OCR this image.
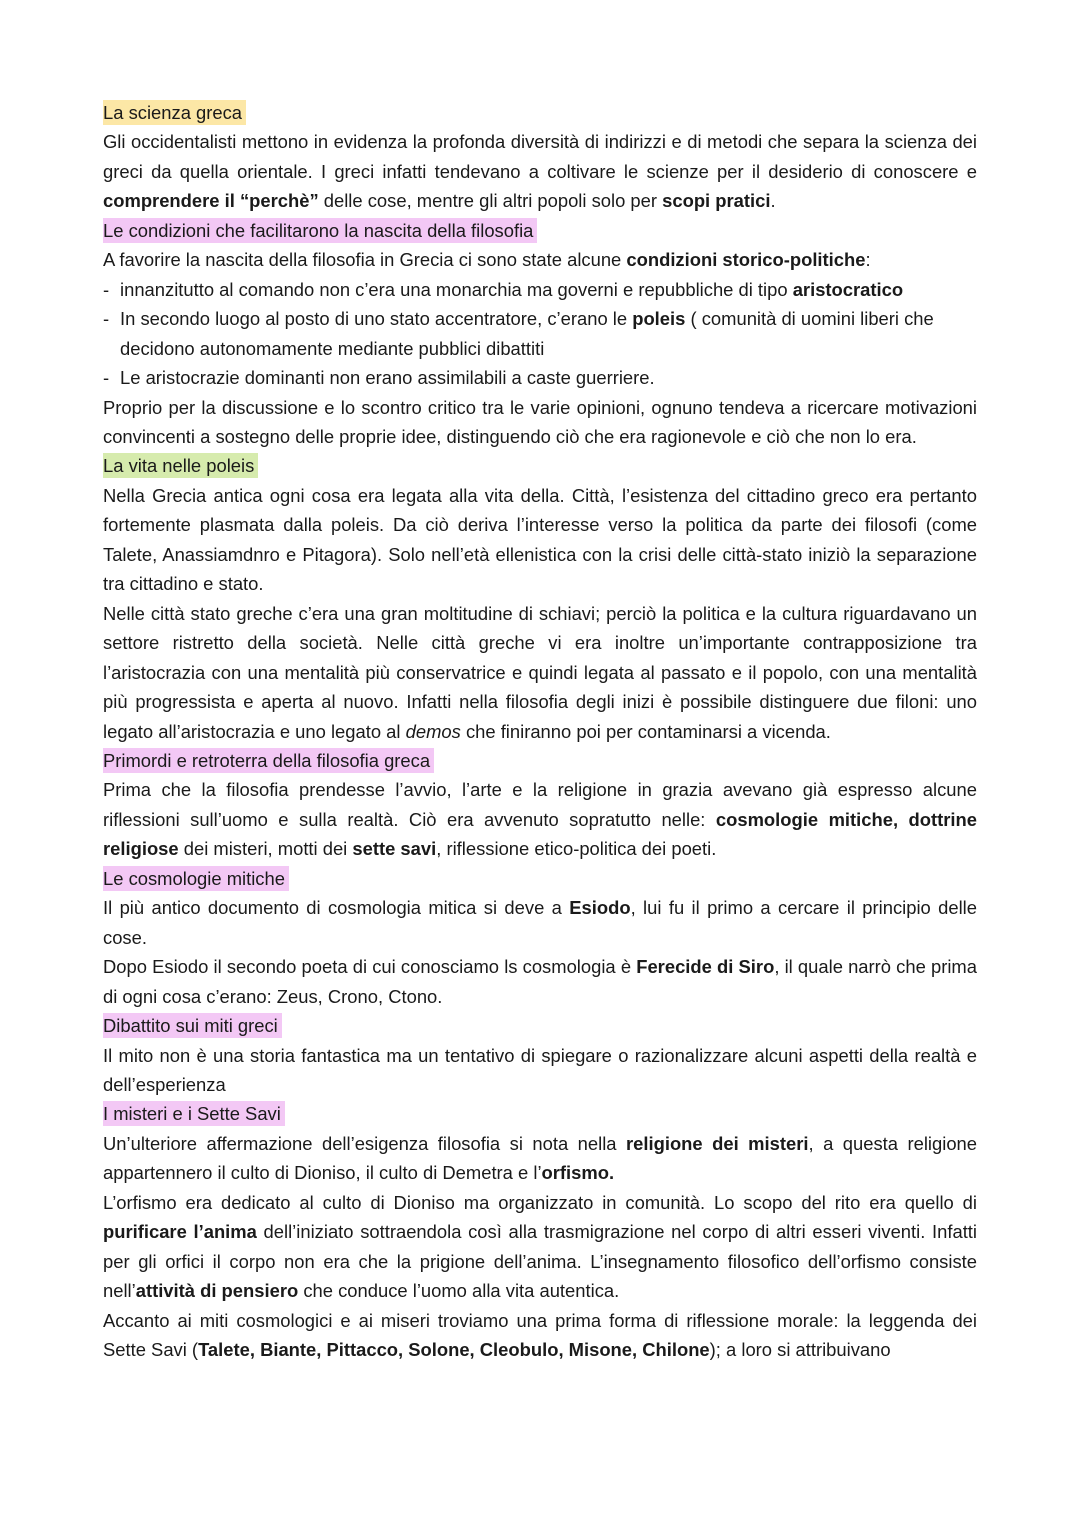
La scienza greca

Gli occidentalisti mettono in evidenza la profonda diversità di indirizzi e di metodi che separa la scienza dei greci da quella orientale. I greci infatti tendevano a coltivare le scienze per il desiderio di conoscere e comprendere il “perchè” delle cose, mentre gli altri popoli solo per scopi pratici.

Le condizioni che facilitarono la nascita della filosofia

A favorire la nascita della filosofia in Grecia ci sono state alcune condizioni storico-politiche:

- innanzitutto al comando non c’era una monarchia ma governi e repubbliche di tipo aristocratico
- In secondo luogo al posto di uno stato accentratore, c’erano le poleis ( comunità di uomini liberi che decidono autonomamente mediante pubblici dibattiti
- Le aristocrazie dominanti non erano assimilabili a caste guerriere.

Proprio per la discussione e lo scontro critico tra le varie opinioni, ognuno tendeva a ricercare motivazioni convincenti a sostegno delle proprie idee, distinguendo ciò che era ragionevole e ciò che non lo era.

La vita nelle poleis

Nella Grecia antica ogni cosa era legata alla vita della. Città, l’esistenza del cittadino greco era pertanto fortemente plasmata dalla poleis. Da ciò deriva l’interesse verso la politica da parte dei filosofi (come Talete, Anassiamdnro e Pitagora). Solo nell’età ellenistica con la crisi delle città-stato iniziò la separazione tra cittadino e stato.

Nelle città stato greche c’era una gran moltitudine di schiavi; perciò la politica e la cultura riguardavano un settore ristretto della società. Nelle città greche vi era inoltre un’importante contrapposizione tra l’aristocrazia con una mentalità più conservatrice e quindi legata al passato e il popolo, con una mentalità più progressista e aperta al nuovo. Infatti nella filosofia degli inizi è possibile distinguere due filoni: uno legato all’aristocrazia e uno legato al demos che finiranno poi per contaminarsi a vicenda.

Primordi e retroterra della filosofia greca

Prima che la filosofia prendesse l’avvio, l’arte e la religione in grazia avevano già espresso alcune riflessioni sull’uomo e sulla realtà. Ciò era avvenuto sopratutto nelle: cosmologie mitiche, dottrine religiose dei misteri, motti dei sette savi, riflessione etico-politica dei poeti.

Le cosmologie mitiche

Il più antico documento di cosmologia mitica si deve a Esiodo, lui fu il primo a cercare il principio delle cose.

Dopo Esiodo il secondo poeta di cui conosciamo ls cosmologia è Ferecide di Siro, il quale narrò che prima di ogni cosa c’erano: Zeus, Crono, Ctono.

Dibattito sui miti greci

Il mito non è una storia fantastica ma un tentativo di spiegare o razionalizzare alcuni aspetti della realtà e dell’esperienza

I misteri e i Sette Savi

Un’ulteriore affermazione dell’esigenza filosofia si nota nella religione dei misteri, a questa religione appartennero il culto di Dioniso, il culto di Demetra e l’orfismo.

L’orfismo era dedicato al culto di Dioniso ma organizzato in comunità. Lo scopo del rito era quello di purificare l’anima dell’iniziato sottraendola così alla trasmigrazione nel corpo di altri esseri viventi. Infatti per gli orfici il corpo non era che la prigione dell’anima. L’insegnamento filosofico dell’orfismo consiste nell’attività di pensiero che conduce l’uomo alla vita autentica.

Accanto ai miti cosmologici e ai miseri troviamo una prima forma di riflessione morale: la leggenda dei Sette Savi (Talete, Biante, Pittacco, Solone, Cleobulo, Misone, Chilone); a loro si attribuivano
